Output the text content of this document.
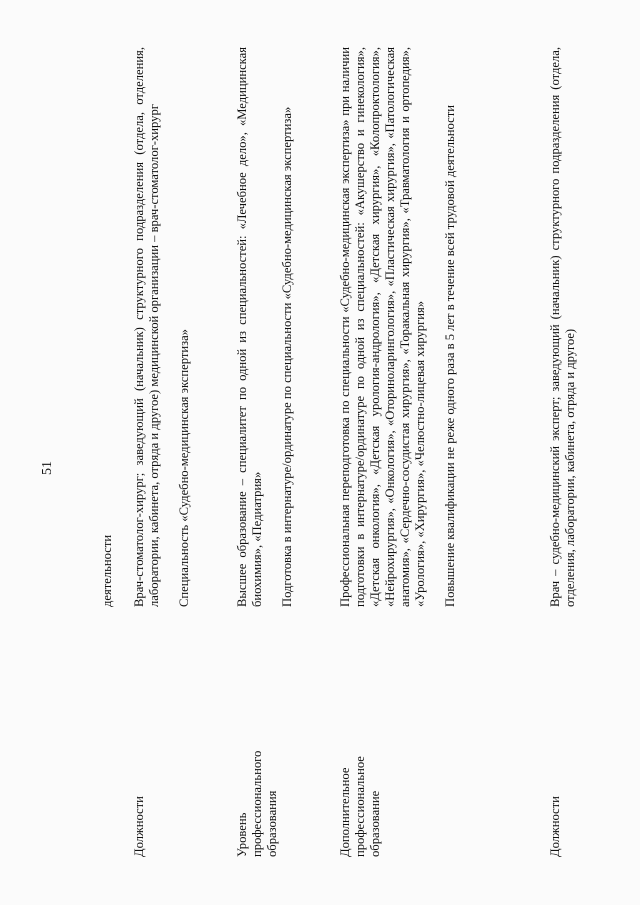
51

деятельности

Должности

Врач-стоматолог-хирург; заведующий (начальник) структурного подразделения (отдела, отделения, лаборатории, кабинета, отряда и другое) медицинской организации – врач-стоматолог-хирург Специальность «Судебно-медицинская экспертиза»

Уровень профессионального образования

Высшее образование – специалитет по одной из специальностей: «Лечебное дело», «Медицинская биохимия», «Педиатрия» Подготовка в интернатуре/ординатуре по специальности «Судебно-медицинская экспертиза»

Дополнительное профессиональное образование

Профессиональная переподготовка по специальности «Судебно-медицинская экспертиза» при наличии подготовки в интернатуре/ординатуре по одной из специальностей: «Акушерство и гинекология», «Детская онкология», «Детская урология-андрология», «Детская хирургия», «Колопроктология», «Нейрохирургия», «Онкология», «Оториноларингология», «Пластическая хирургия», «Патологическая анатомия», «Сердечно-сосудистая хирургия», «Торакальная хирургия», «Травматология и ортопедия», «Урология», «Хирургия», «Челюстно-лицевая хирургия» Повышение квалификации не реже одного раза в 5 лет в течение всей трудовой деятельности

Должности

Врач – судебно-медицинский эксперт; заведующий (начальник) структурного подразделения (отдела, отделения, лаборатории, кабинета, отряда и другое)
